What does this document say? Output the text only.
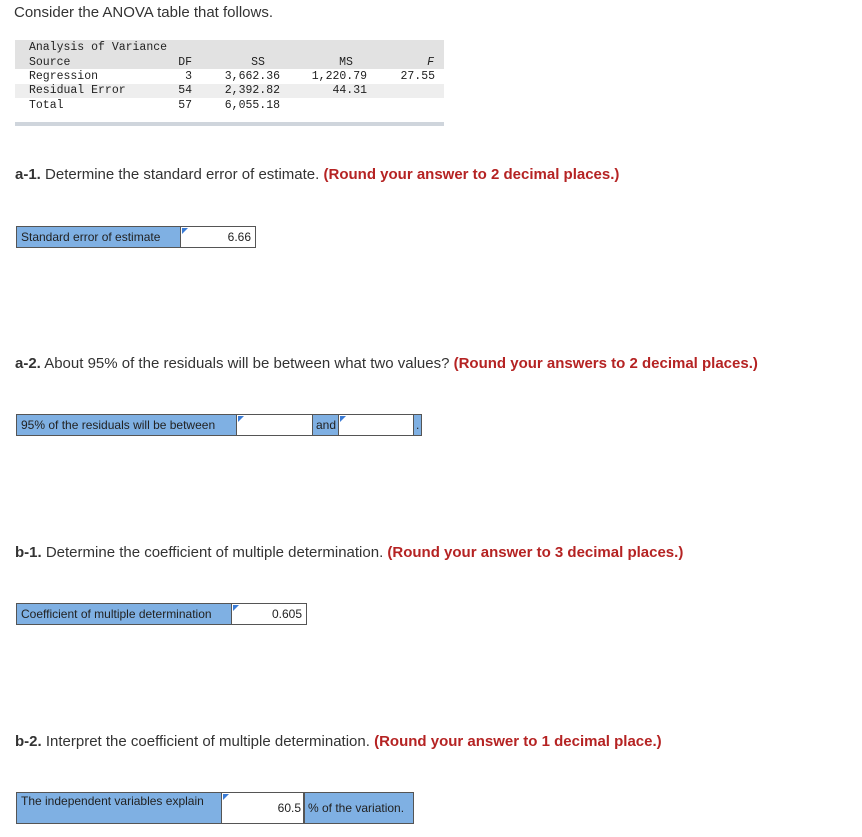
Consider the ANOVA table that follows.
Analysis of Variance
Source	DF	SS	MS	F
Regression	3	3,662.36	1,220.79	27.55
Residual Error	54	2,392.82	44.31
Total	57	6,055.18
a-1. Determine the standard error of estimate. (Round your answer to 2 decimal places.)
Standard error of estimate	6.66
a-2. About 95% of the residuals will be between what two values? (Round your answers to 2 decimal places.)
95% of the residuals will be between	and	.
b-1. Determine the coefficient of multiple determination. (Round your answer to 3 decimal places.)
Coefficient of multiple determination	0.605
b-2. Interpret the coefficient of multiple determination. (Round your answer to 1 decimal place.)
The independent variables explain	60.5 % of the variation.
